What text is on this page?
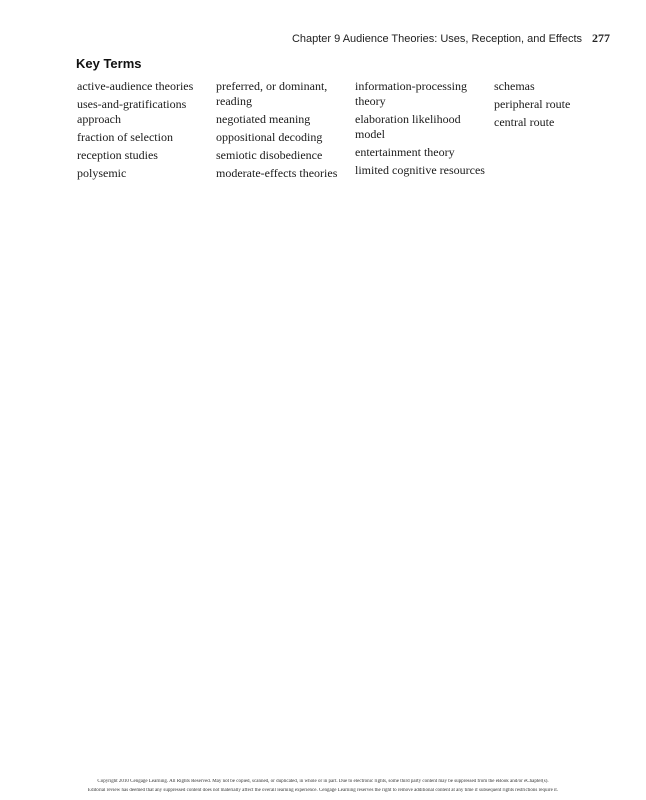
Chapter 9 Audience Theories: Uses, Reception, and Effects 277
Key Terms
active-audience theories
uses-and-gratifications approach
fraction of selection
reception studies
polysemic
preferred, or dominant, reading
negotiated meaning
oppositional decoding
semiotic disobedience
moderate-effects theories
information-processing theory
elaboration likelihood model
entertainment theory
limited cognitive resources
schemas
peripheral route
central route
Copyright 2010 Cengage Learning. All Rights Reserved. May not be copied, scanned, or duplicated, in whole or in part. Due to electronic rights, some third party content may be suppressed from the eBook and/or eChapter(s).
Editorial review has deemed that any suppressed content does not materially affect the overall learning experience. Cengage Learning reserves the right to remove additional content at any time if subsequent rights restrictions require it.
